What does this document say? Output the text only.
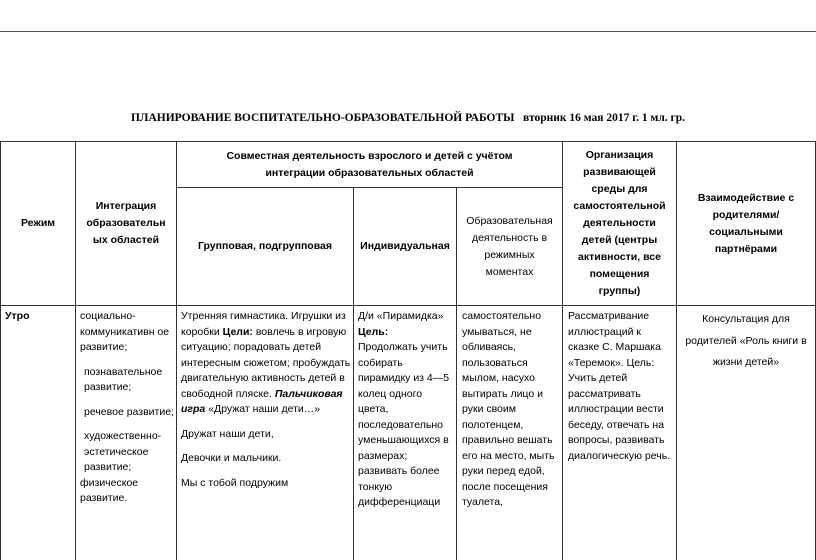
ПЛАНИРОВАНИЕ ВОСПИТАТЕЛЬНО-ОБРАЗОВАТЕЛЬНОЙ РАБОТЫ вторник 16 мая 2017 г. 1 мл. гр.
Режим
Интеграция образовательн ых областей
Совместная деятельность взрослого и детей с учётом интеграции образовательных областей
Групповая, подгрупповая	Индивидуальная
Образовательная деятельность в режимных моментах
Организация развивающей среды для самостоятельной деятельности детей (центры активности, все помещения группы)
Взаимодействие с родителями/ социальными партнёрами
Утро	социально-коммуникативн ое развитие;

познавательное развитие;

речевое развитие;

художественно-эстетическое развитие;

физическое развитие.

Утренняя гимнастика. Игрушки из коробки Цели: вовлечь в игровую ситуацию; порадовать детей интересным сюжетом; пробуждать двигательную активность детей в свободной пляске. Пальчиковая игра «Дружат наши дети…»

Дружат наши дети,

Девочки и мальчики.

Мы с тобой подружим

Д/и «Пирамидка»

Цель:

Продолжать учить собирать пирамидку из 4—5 колец одного цвета, последовательно уменьшающихся в размерах; развивать более тонкую дифференциаци

самостоятельно умываться, не обливаясь, пользоваться мылом, насухо вытирать лицо и руки своим полотенцем, правильно вешать его на место, мыть руки перед едой, после посещения туалета,
Рассматривание иллюстраций к сказке С. Маршака «Теремок». Цель: Учить детей рассматривать иллюстрации вести беседу, отвечать на вопросы, развивать диалогическую речь.
Консультация для родителей «Роль книги в жизни детей»
